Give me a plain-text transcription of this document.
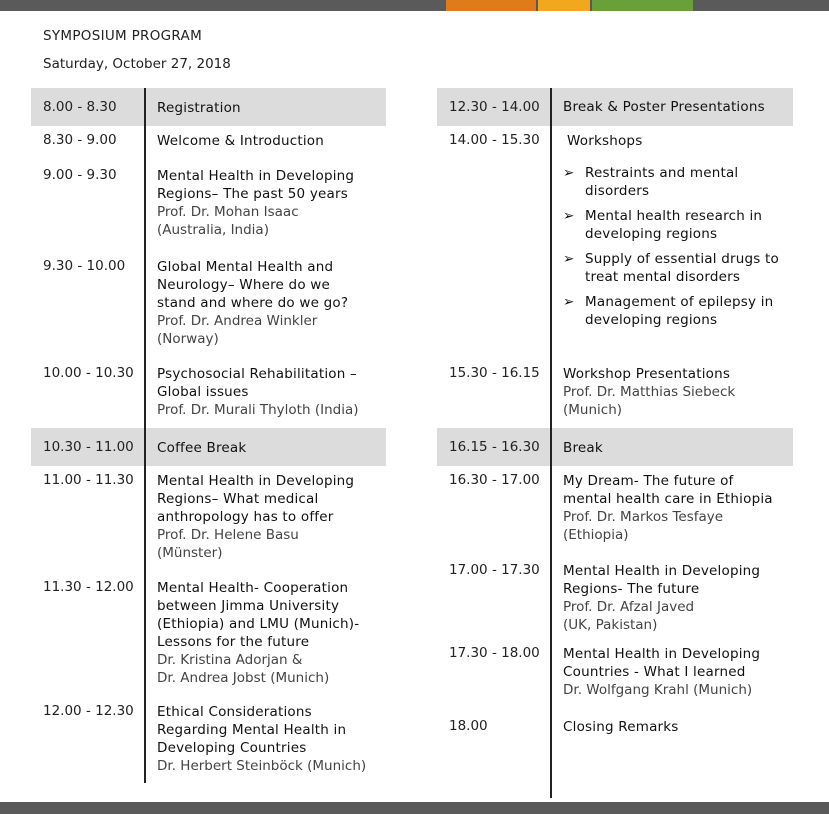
SYMPOSIUM PROGRAM
Saturday, October 27, 2018
8.00 - 8.30	Registration
8.30 - 9.00	Welcome & Introduction
9.00 - 9.30	Mental Health in Developing
Regions– The past 50 years
Prof. Dr. Mohan Isaac
(Australia, India)
9.30 - 10.00 Global Mental Health and
Neurology– Where do we
stand and where do we go?
Prof. Dr. Andrea Winkler
(Norway)
10.00 - 10.30 Psychosocial Rehabilitation –
Global issues
Prof. Dr. Murali Thyloth (India)
10.30 - 11.00 Coffee Break
11.00 - 11.30 Mental Health in Developing
Regions– What medical
anthropology has to offer
Prof. Dr. Helene Basu
(Münster)
11.30 - 12.00 Mental Health- Cooperation
between Jimma University
(Ethiopia) and LMU (Munich)-
Lessons for the future
Dr. Kristina Adorjan &
Dr. Andrea Jobst (Munich)
12.00 - 12.30 Ethical Considerations
Regarding Mental Health in
Developing Countries
Dr. Herbert Steinböck (Munich)
12.30 - 14.00 Break & Poster Presentations
14.00 - 15.30 Workshops
➢ Restraints and mental
disorders
➢ Mental health research in
developing regions
➢ Supply of essential drugs to
treat mental disorders
➢ Management of epilepsy in
developing regions
15.30 - 16.15 Workshop Presentations
Prof. Dr. Matthias Siebeck
(Munich)
16.15 - 16.30 Break
16.30 - 17.00 My Dream- The future of
mental health care in Ethiopia
Prof. Dr. Markos Tesfaye
(Ethiopia)
17.00 - 17.30 Mental Health in Developing
Regions- The future
Prof. Dr. Afzal Javed
(UK, Pakistan)
17.30 - 18.00 Mental Health in Developing
Countries - What I learned
Dr. Wolfgang Krahl (Munich)
18.00	Closing Remarks
